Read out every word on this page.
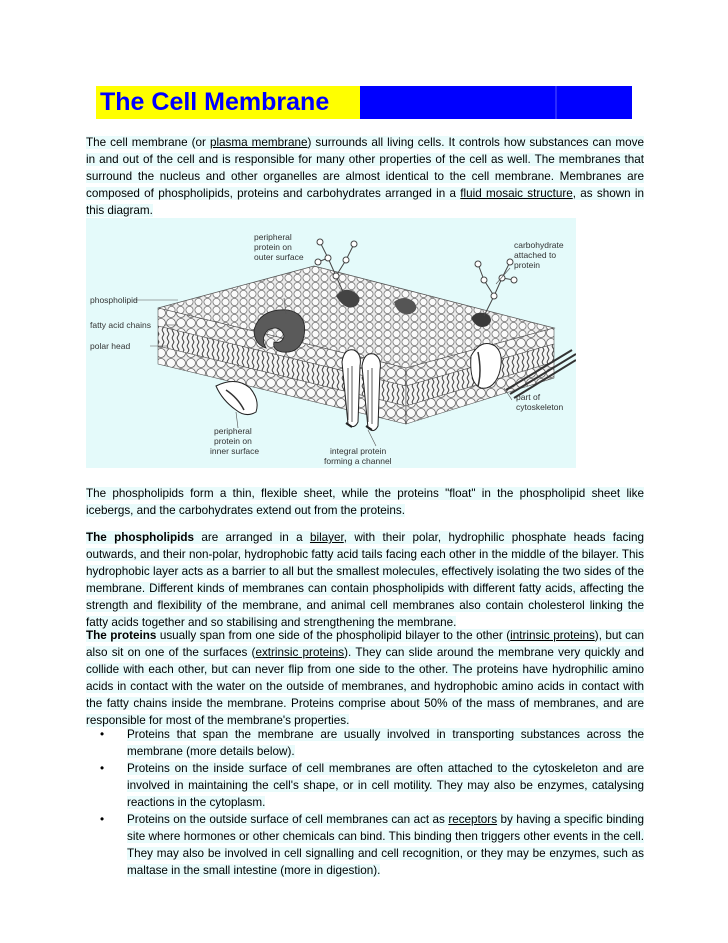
The Cell Membrane
The cell membrane (or plasma membrane) surrounds all living cells. It controls how substances can move in and out of the cell and is responsible for many other properties of the cell as well. The membranes that surround the nucleus and other organelles are almost identical to the cell membrane. Membranes are composed of phospholipids, proteins and carbohydrates arranged in a fluid mosaic structure, as shown in this diagram.
peripheral
protein on
outer surface
carbohydrate
attached to
protein
phospholipid
fatty acid chains
polar head
part of
cytoskeleton
peripheral
protein on
inner surface	integral protein
forming a channel
The phospholipids form a thin, flexible sheet, while the proteins "float" in the phospholipid sheet like icebergs, and the carbohydrates extend out from the proteins.
The phospholipids are arranged in a bilayer, with their polar, hydrophilic phosphate heads facing outwards, and their non-polar, hydrophobic fatty acid tails facing each other in the middle of the bilayer. This hydrophobic layer acts as a barrier to all but the smallest molecules, effectively isolating the two sides of the membrane. Different kinds of membranes can contain phospholipids with different fatty acids, affecting the strength and flexibility of the membrane, and animal cell membranes also contain cholesterol linking the fatty acids together and so stabilising and strengthening the membrane.
The proteins usually span from one side of the phospholipid bilayer to the other (intrinsic proteins), but can also sit on one of the surfaces (extrinsic proteins). They can slide around the membrane very quickly and collide with each other, but can never flip from one side to the other. The proteins have hydrophilic amino acids in contact with the water on the outside of membranes, and hydrophobic amino acids in contact with the fatty chains inside the membrane. Proteins comprise about 50% of the mass of membranes, and are responsible for most of the membrane's properties.
• Proteins that span the membrane are usually involved in transporting substances across the membrane (more details below).
• Proteins on the inside surface of cell membranes are often attached to the cytoskeleton and are involved in maintaining the cell's shape, or in cell motility. They may also be enzymes, catalysing reactions in the cytoplasm.
• Proteins on the outside surface of cell membranes can act as receptors by having a specific binding site where hormones or other chemicals can bind. This binding then triggers other events in the cell. They may also be involved in cell signalling and cell recognition, or they may be enzymes, such as maltase in the small intestine (more in digestion).
